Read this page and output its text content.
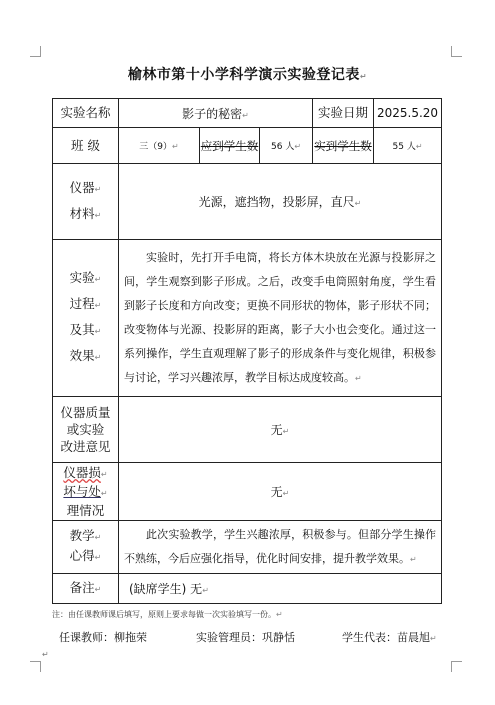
榆林市第十小学科学演示实验登记表↵
实验名称	影子的秘密↵			实验日期	2025.5.20
班 级	三（9）↵	应到学生数	56 人↵	实到学生数	55 人↵

仪器↵
材料↵	光源，遮挡物，投影屏，直尺↵				

实验↵
过程↵
及其↵
效果↵	实验时，先打开手电筒，将长方体木块放在光源与投影屏之间，学生观察到影子形成。之后，改变手电筒照射角度，学生看到影子长度和方向改变；更换不同形状的物体，影子形状不同；改变物体与光源、投影屏的距离，影子大小也会变化。通过这一系列操作，学生直观理解了影子的形成条件与变化规律，积极参与讨论，学习兴趣浓厚，教学目标达成度较高。↵				

仪器质量
或实验
改进意见	无↵				

仪器损↵
坏与处↵
理情况	无↵				

教学↵
心得↵	此次实验教学，学生兴趣浓厚，积极参与。但部分学生操作不熟练，今后应强化指导，优化时间安排，提升教学效果。↵				

备注↵	(缺席学生) 无↵				
注：由任课教师课后填写，原则上要求每做一次实验填写一份。↵
任课教师：柳拖荣	实验管理员：巩静恬	学生代表：苗晨旭↵
↵
